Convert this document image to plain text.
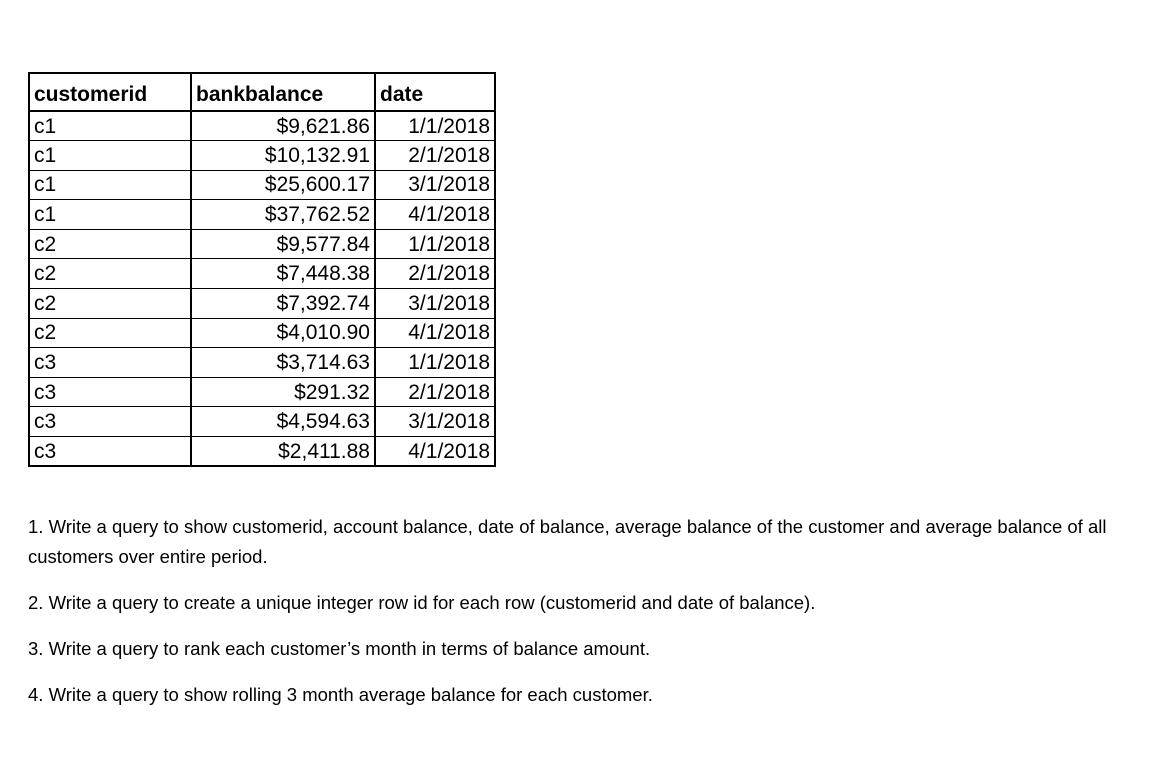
customerid	bankbalance	date
c1	$9,621.86	1/1/2018
c1	$10,132.91	2/1/2018
c1	$25,600.17	3/1/2018
c1	$37,762.52	4/1/2018
c2	$9,577.84	1/1/2018
c2	$7,448.38	2/1/2018
c2	$7,392.74	3/1/2018
c2	$4,010.90	4/1/2018
c3	$3,714.63	1/1/2018
c3	$291.32	2/1/2018
c3	$4,594.63	3/1/2018
c3	$2,411.88	4/1/2018

1. Write a query to show customerid, account balance, date of balance, average balance of the customer and average balance of all customers over entire period.

2. Write a query to create a unique integer row id for each row (customerid and date of balance).

3. Write a query to rank each customer’s month in terms of balance amount.

4. Write a query to show rolling 3 month average balance for each customer.
